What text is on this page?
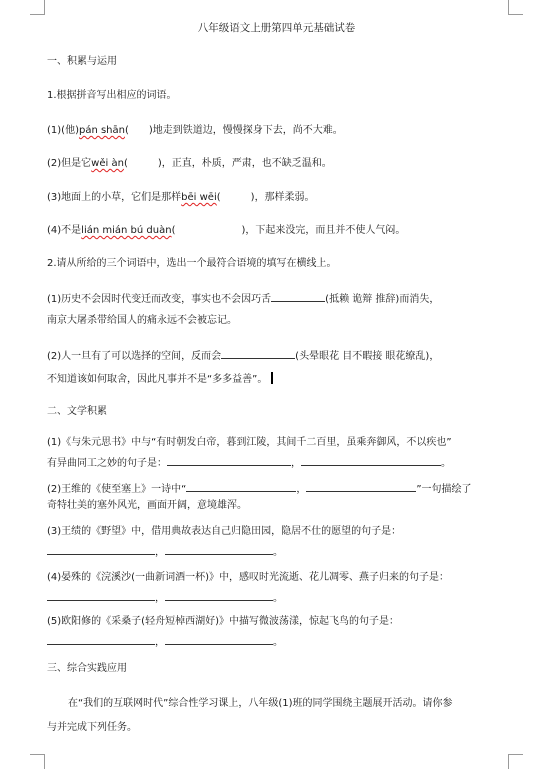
八年级语文上册第四单元基础试卷
一、积累与运用
1.根据拼音写出相应的词语。
(1)(他)pán shān( )地走到铁道边，慢慢探身下去，尚不大难。
(2)但是它wěi àn(	)，正直，朴质，严肃，也不缺乏温和。
(3)地面上的小草，它们是那样bēi wēi(	)，那样柔弱。
(4)不是lián mián bú duàn(	)，下起来没完，而且并不使人气闷。
2.请从所给的三个词语中，选出一个最符合语境的填写在横线上。
(1)历史不会因时代变迁而改变，事实也不会因巧舌	(抵赖 诡辩 推辞)而消失，
南京大屠杀带给国人的痛永远不会被忘记。
(2)人一旦有了可以选择的空间，反而会	(头晕眼花 目不暇接 眼花缭乱)，
不知道该如何取舍，因此凡事并不是“多多益善”。
二、文学积累
(1)《与朱元思书》中与“有时朝发白帝，暮到江陵，其间千二百里，虽乘奔御风，不以疾也”
有异曲同工之妙的句子是：	，	。
(2)王维的《使至塞上》一诗中“	，	”一句描绘了
奇特壮美的塞外风光，画面开阔，意境雄浑。
(3)王绩的《野望》中，借用典故表达自己归隐田园，隐居不仕的愿望的句子是：
，	。
(4)晏殊的《浣溪沙(一曲新词酒一杯)》中，感叹时光流逝、花儿凋零、燕子归来的句子是：
，	。
(5)欧阳修的《采桑子(轻舟短棹西湖好)》中描写微波荡漾，惊起飞鸟的句子是：
，	。
三、综合实践应用
在“我们的互联网时代”综合性学习课上，八年级(1)班的同学围绕主题展开活动。请你参
与并完成下列任务。
